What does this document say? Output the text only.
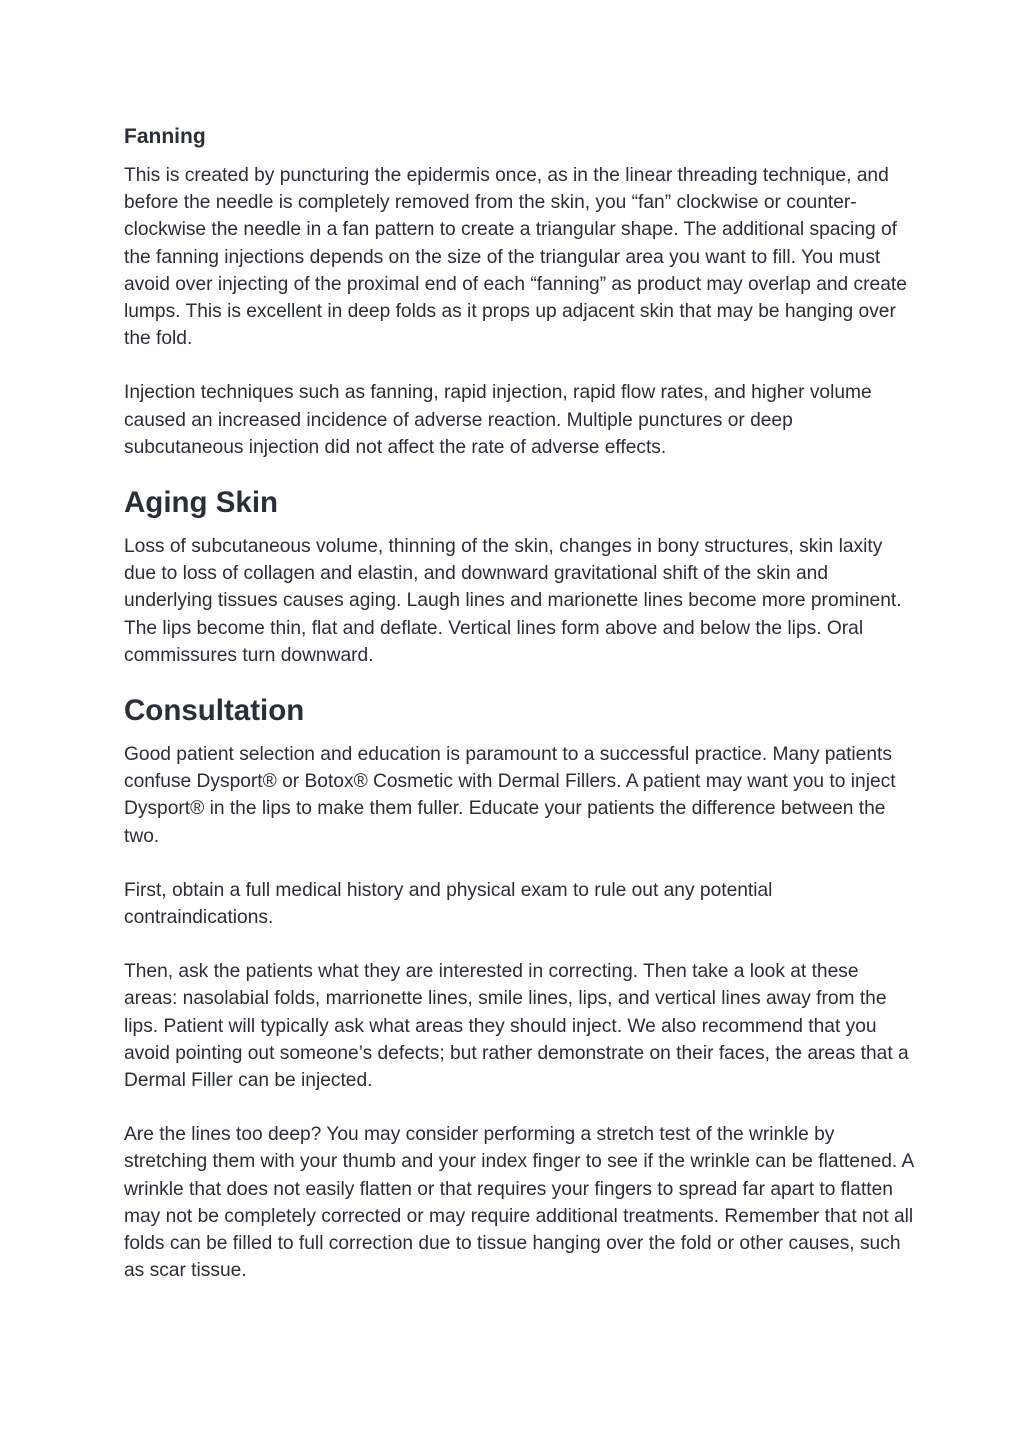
Fanning

This is created by puncturing the epidermis once, as in the linear threading technique, and before the needle is completely removed from the skin, you “fan” clockwise or counter-clockwise the needle in a fan pattern to create a triangular shape. The additional spacing of the fanning injections depends on the size of the triangular area you want to fill. You must avoid over injecting of the proximal end of each “fanning” as product may overlap and create lumps. This is excellent in deep folds as it props up adjacent skin that may be hanging over the fold.

Injection techniques such as fanning, rapid injection, rapid flow rates, and higher volume caused an increased incidence of adverse reaction. Multiple punctures or deep subcutaneous injection did not affect the rate of adverse effects.

Aging Skin

Loss of subcutaneous volume, thinning of the skin, changes in bony structures, skin laxity due to loss of collagen and elastin, and downward gravitational shift of the skin and underlying tissues causes aging. Laugh lines and marionette lines become more prominent. The lips become thin, flat and deflate. Vertical lines form above and below the lips. Oral commissures turn downward.

Consultation

Good patient selection and education is paramount to a successful practice. Many patients confuse Dysport® or Botox® Cosmetic with Dermal Fillers. A patient may want you to inject Dysport® in the lips to make them fuller. Educate your patients the difference between the two.

First, obtain a full medical history and physical exam to rule out any potential contraindications.

Then, ask the patients what they are interested in correcting. Then take a look at these areas: nasolabial folds, marrionette lines, smile lines, lips, and vertical lines away from the lips. Patient will typically ask what areas they should inject. We also recommend that you avoid pointing out someone’s defects; but rather demonstrate on their faces, the areas that a Dermal Filler can be injected.

Are the lines too deep? You may consider performing a stretch test of the wrinkle by stretching them with your thumb and your index finger to see if the wrinkle can be flattened. A wrinkle that does not easily flatten or that requires your fingers to spread far apart to flatten may not be completely corrected or may require additional treatments. Remember that not all folds can be filled to full correction due to tissue hanging over the fold or other causes, such as scar tissue.
